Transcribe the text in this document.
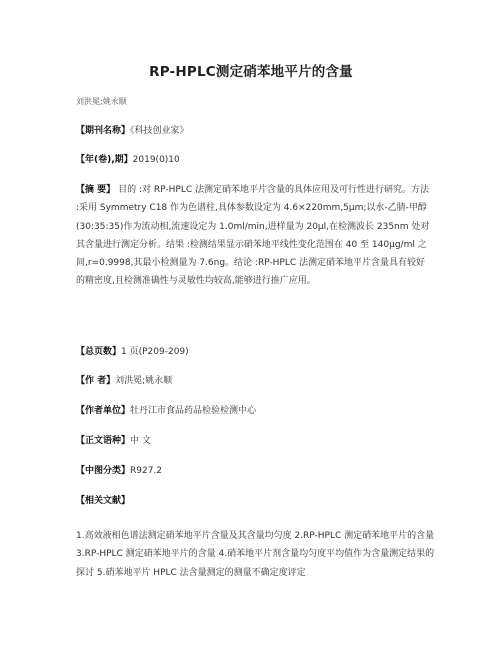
RP-HPLC测定硝苯地平片的含量
刘洪冕;姚永顺
【期刊名称】《科技创业家》
【年(卷),期】2019(0)10
【摘 要】 目的 :对 RP-HPLC 法测定硝苯地平片含量的具体应用及可行性进行研究。方法 :采用 Symmetry C18 作为色谱柱,具体参数设定为 4.6×220mm,5μm;以水-乙腈-甲醇(30:35:35)作为流动相,流速设定为 1.0ml/min,进样量为 20μl,在检测波长 235nm 处对其含量进行测定分析。结果 :检测结果显示硝苯地平线性变化范围在 40 至 140μg/ml 之间,r=0.9998,其最小检测量为 7.6ng。结论 :RP-HPLC 法测定硝苯地平片含量具有较好的精密度,且检测准确性与灵敏性均较高,能够进行推广应用。
【总页数】1 页(P209-209)
【作 者】刘洪冕;姚永顺
【作者单位】牡丹江市食品药品检验检测中心
【正文语种】中 文
【中图分类】R927.2
【相关文献】
1.高效液相色谱法测定硝苯地平片含量及其含量均匀度 2.RP-HPLC 测定硝苯地平片的含量 3.RP-HPLC 测定硝苯地平片的含量 4.硝苯地平片剂含量均匀度平均值作为含量测定结果的探讨 5.硝苯地平片 HPLC 法含量测定的测量不确定度评定
